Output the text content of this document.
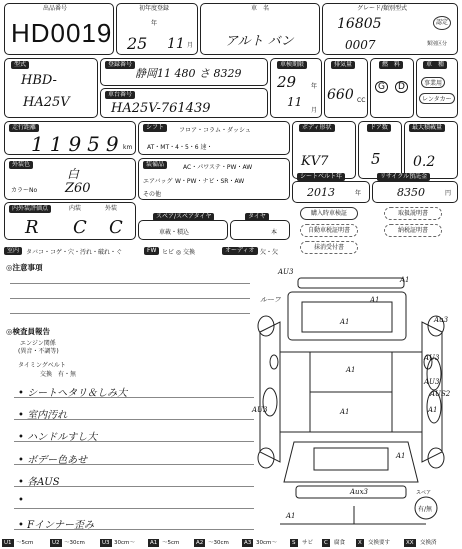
出品番号
HD0019
初年度登録
年
月
25 11
車　名
アルト バン
グレード/類別型式
16805
0007
認定
類別区分
型式
HBD-
HA25V
登録番号
静岡11 480 さ 8329
車検期限
29 年
11
月
車台番号
HA25V-761439
排気量
660 CC
燃　料
G	D
車　種
事業用
レンタカー
走行距離
11959
km
シフト	フロア・コラム・ダッシュ
AT・MT・4・5・6 速・
ボディ形状
KV7
ドア数
5
最大積載量
0.2
外装色
白
カラーNo Z60
装備品	AC・パワステ・PW・AW
エアバッグ W・PW・ナビ・SR・AW
その他
シートベルト年
2013	年
リサイクル預託金
8350	円
内外装評価点	内装	外装
R C C
スペア/スペアタイヤ
車載・積込
タイヤ
本
購入時車検証	取扱説明書
自動車税証明書	納税証明書
抹消受付書
室内	タバコ・コゲ・穴・汚れ・破れ・ぐ	FW ヒビ ◎ 交換	オーディオ 欠・欠
◎注意事項
◎検査員報告
エンジン関係
(異音・不調等)
タイミングベルト
交換　有・無
• シートヘタリ＆しみ大
• 室内汚れ
• ハンドルすし大
• ボデー色あせ
• 各AUS
•
• Fインナー歪み
AU3
A1
A1
A1
Au3
A1
AU3
AU3
A1
AU3
AUS2
A1
A1
A1
Aux3
ルーフ
スペア
有/無
U1 ～5cm	U2 ～30cm	U3 30cm～	A1 ～5cm	A2 ～30cm	A3 30cm～	S	サビ	C	腐食	X	交換要す	XX	交換済
